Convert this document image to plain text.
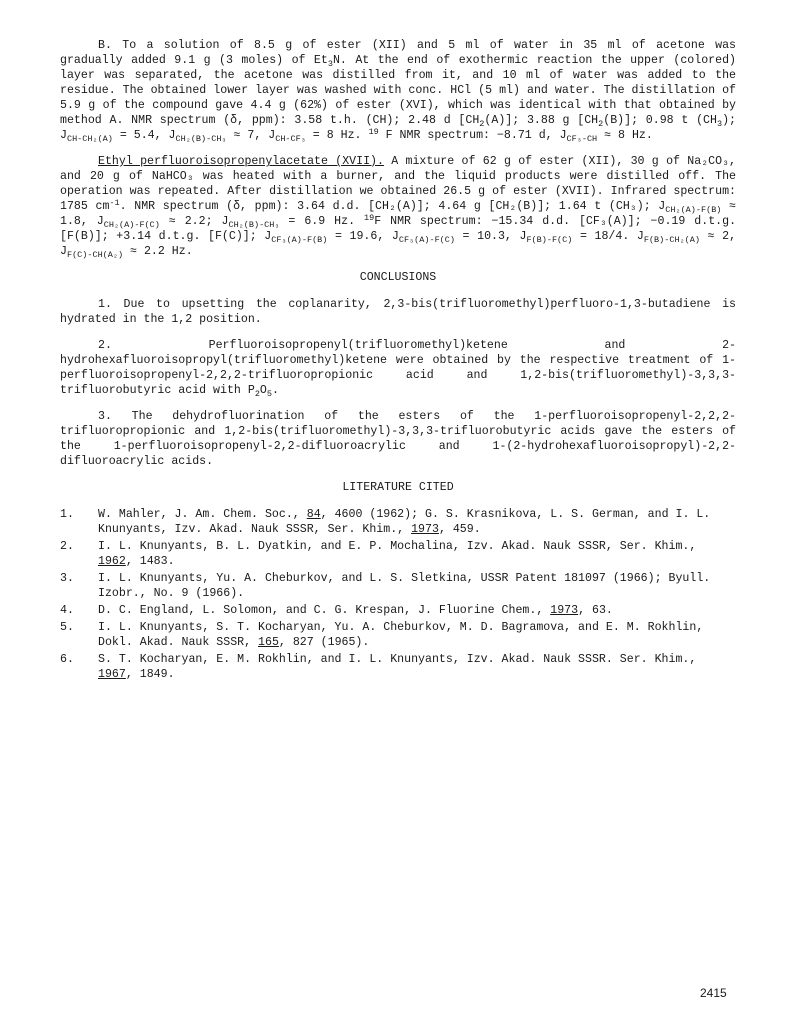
B. To a solution of 8.5 g of ester (XII) and 5 ml of water in 35 ml of acetone was gradually added 9.1 g (3 moles) of $Et_3N$. At the end of exothermic reaction the upper (colored) layer was separated, the acetone was distilled from it, and 10 ml of water was added to the residue. The obtained lower layer was washed with conc. HCl (5 ml) and water. The distillation of 5.9 g of the compound gave 4.4 g (62%) of ester (XVI), which was identical with that obtained by method A. NMR spectrum (δ, ppm): 3.58 t.h. (CH); 2.48 d $[CH_2(A)]$; 3.88 g $[CH_2(B)]$; 0.98 t $(CH_3)$; $J_{CH-CH_2(A)} = 5.4$, $J_{CH_2(B)-CH_3} \approx 7$, $J_{CH-CF_3} = 8$ Hz. $^{19}$ F NMR spectrum: −8.71 d, $J_{CF_3-CH} \approx 8$ Hz.

Ethyl perfluoroisopropenylacetate (XVII). A mixture of 62 g of ester (XII), 30 g of Na₂CO₃, and 20 g of NaHCO₃ was heated with a burner, and the liquid products were distilled off. The operation was repeated. After distillation we obtained 26.5 g of ester (XVII). Infrared spectrum: 1785 $cm^{-1}$. NMR spectrum (δ, ppm): 3.64 d.d. [CH₂(A)]; 4.64 g [CH₂(B)]; 1.64 t (CH₃); $J_{CH_2(A)-F(B)} \approx 1.8$, $J_{CH_2(A)-F(C)} \approx 2.2$; $J_{CH_2(B)-CH_3} = 6.9$ Hz. $^{19}$F NMR spectrum: −15.34 d.d. [CF₃(A)]; −0.19 d.t.g. [F(B)]; +3.14 d.t.g. [F(C)]; $J_{CF_3(A)-F(B)} = 19.6$, $J_{CF_3(A)-F(C)} = 10.3$, $J_{F(B)-F(C)} = 18/4$. $J_{F(B)-CH_2(A)} \approx 2$, $J_{F(C)-CH(A_2)} \approx 2.2$ Hz.

CONCLUSIONS

1. Due to upsetting the coplanarity, 2,3-bis(trifluoromethyl)perfluoro-1,3-butadiene is hydrated in the 1,2 position.

2. Perfluoroisopropenyl(trifluoromethyl)ketene and 2-hydrohexafluoroisopropyl(trifluoromethyl)ketene were obtained by the respective treatment of 1-perfluoroisopropenyl-2,2,2-trifluoropropionic acid and 1,2-bis(trifluoromethyl)-3,3,3-trifluorobutyric acid with $P_2O_5$.

3. The dehydrofluorination of the esters of the 1-perfluoroisopropenyl-2,2,2-trifluoropropionic and 1,2-bis(trifluoromethyl)-3,3,3-trifluorobutyric acids gave the esters of the 1-perfluoroisopropenyl-2,2-difluoroacrylic and 1-(2-hydrohexafluoroisopropyl)-2,2-difluoroacrylic acids.

LITERATURE CITED
1. W. Mahler, J. Am. Chem. Soc., 84, 4600 (1962); G. S. Krasnikova, L. S. German, and I. L. Knunyants, Izv. Akad. Nauk SSSR, Ser. Khim., 1973, 459.
2. I. L. Knunyants, B. L. Dyatkin, and E. P. Mochalina, Izv. Akad. Nauk SSSR, Ser. Khim., 1962, 1483.
3. I. L. Knunyants, Yu. A. Cheburkov, and L. S. Sletkina, USSR Patent 181097 (1966); Byull. Izobr., No. 9 (1966).
4. D. C. England, L. Solomon, and C. G. Krespan, J. Fluorine Chem., 1973, 63.
5. I. L. Knunyants, S. T. Kocharyan, Yu. A. Cheburkov, M. D. Bagramova, and E. M. Rokhlin, Dokl. Akad. Nauk SSSR, 165, 827 (1965).
6. S. T. Kocharyan, E. M. Rokhlin, and I. L. Knunyants, Izv. Akad. Nauk SSSR. Ser. Khim., 1967, 1849.
2415
